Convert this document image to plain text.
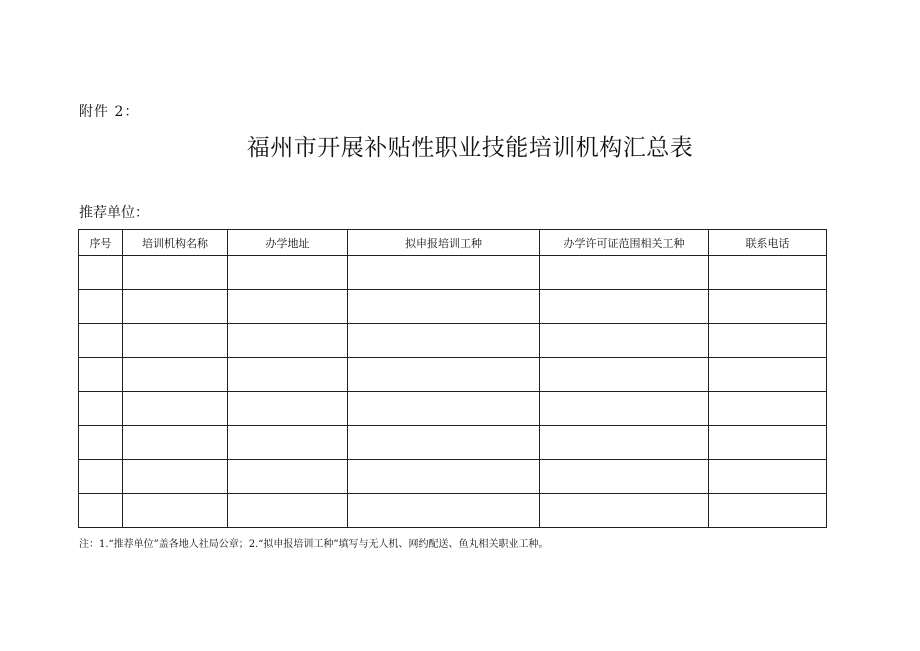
附件 2：
福州市开展补贴性职业技能培训机构汇总表
推荐单位：
序号	培训机构名称	办学地址	拟申报培训工种	办学许可证范围相关工种	联系电话

注：1.“推荐单位”盖各地人社局公章；2.“拟申报培训工种”填写与无人机、网约配送、鱼丸相关职业工种。
